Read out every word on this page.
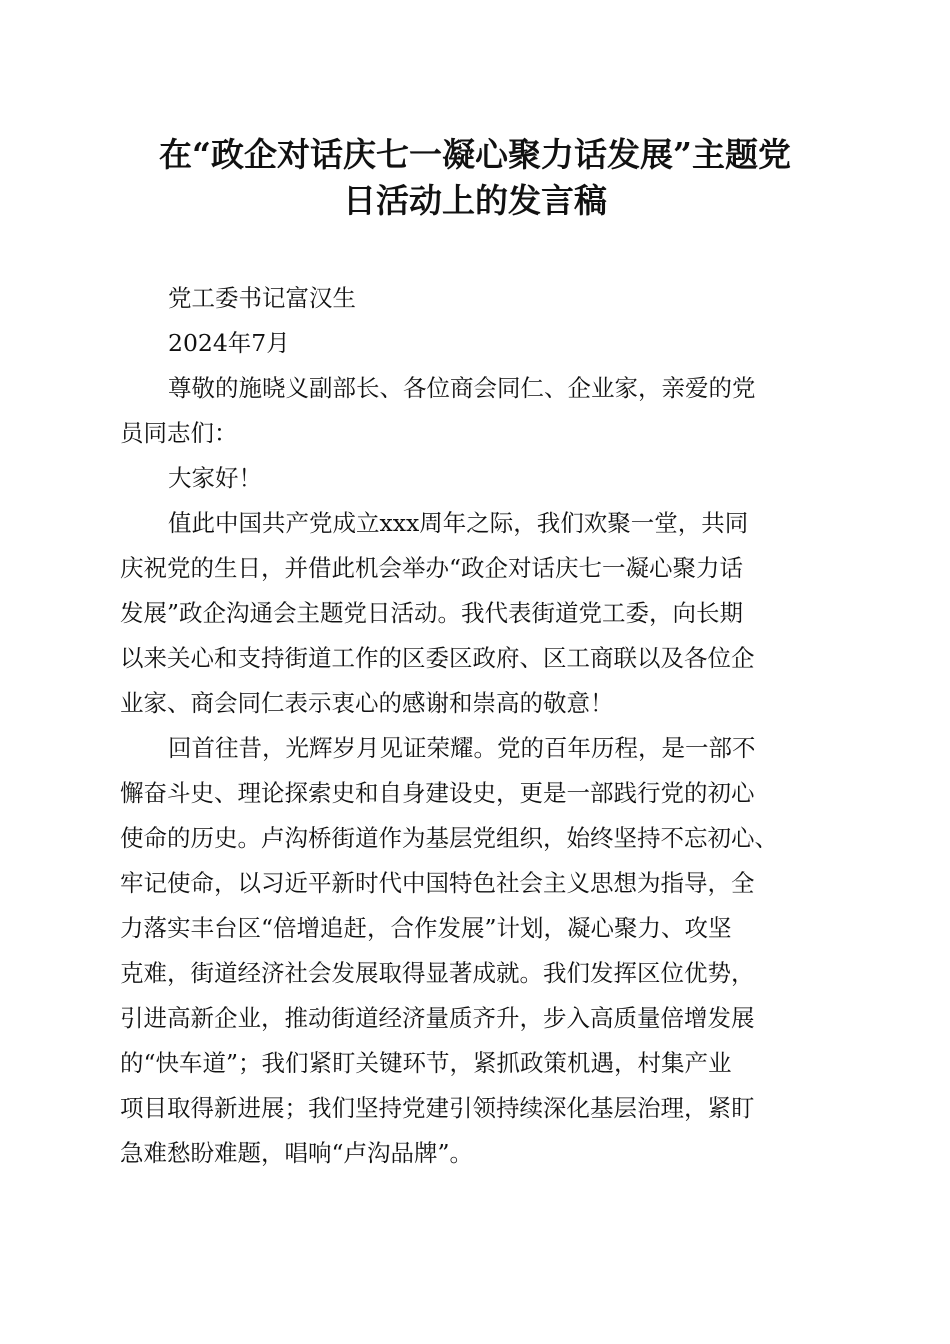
在“政企对话庆七一凝心聚力话发展”主题党
日活动上的发言稿

党工委书记富汉生

2024年7月

尊敬的施晓义副部长、各位商会同仁、企业家，亲爱的党

员同志们：

大家好！

值此中国共产党成立xxx周年之际，我们欢聚一堂，共同

庆祝党的生日，并借此机会举办“政企对话庆七一凝心聚力话

发展”政企沟通会主题党日活动。我代表街道党工委，向长期

以来关心和支持街道工作的区委区政府、区工商联以及各位企

业家、商会同仁表示衷心的感谢和崇高的敬意！

回首往昔，光辉岁月见证荣耀。党的百年历程，是一部不

懈奋斗史、理论探索史和自身建设史，更是一部践行党的初心

使命的历史。卢沟桥街道作为基层党组织，始终坚持不忘初心、

牢记使命，以习近平新时代中国特色社会主义思想为指导，全

力落实丰台区“倍增追赶，合作发展”计划，凝心聚力、攻坚

克难，街道经济社会发展取得显著成就。我们发挥区位优势，

引进高新企业，推动街道经济量质齐升，步入高质量倍增发展

的“快车道”；我们紧盯关键环节，紧抓政策机遇，村集产业

项目取得新进展；我们坚持党建引领持续深化基层治理，紧盯

急难愁盼难题，唱响“卢沟品牌”。
